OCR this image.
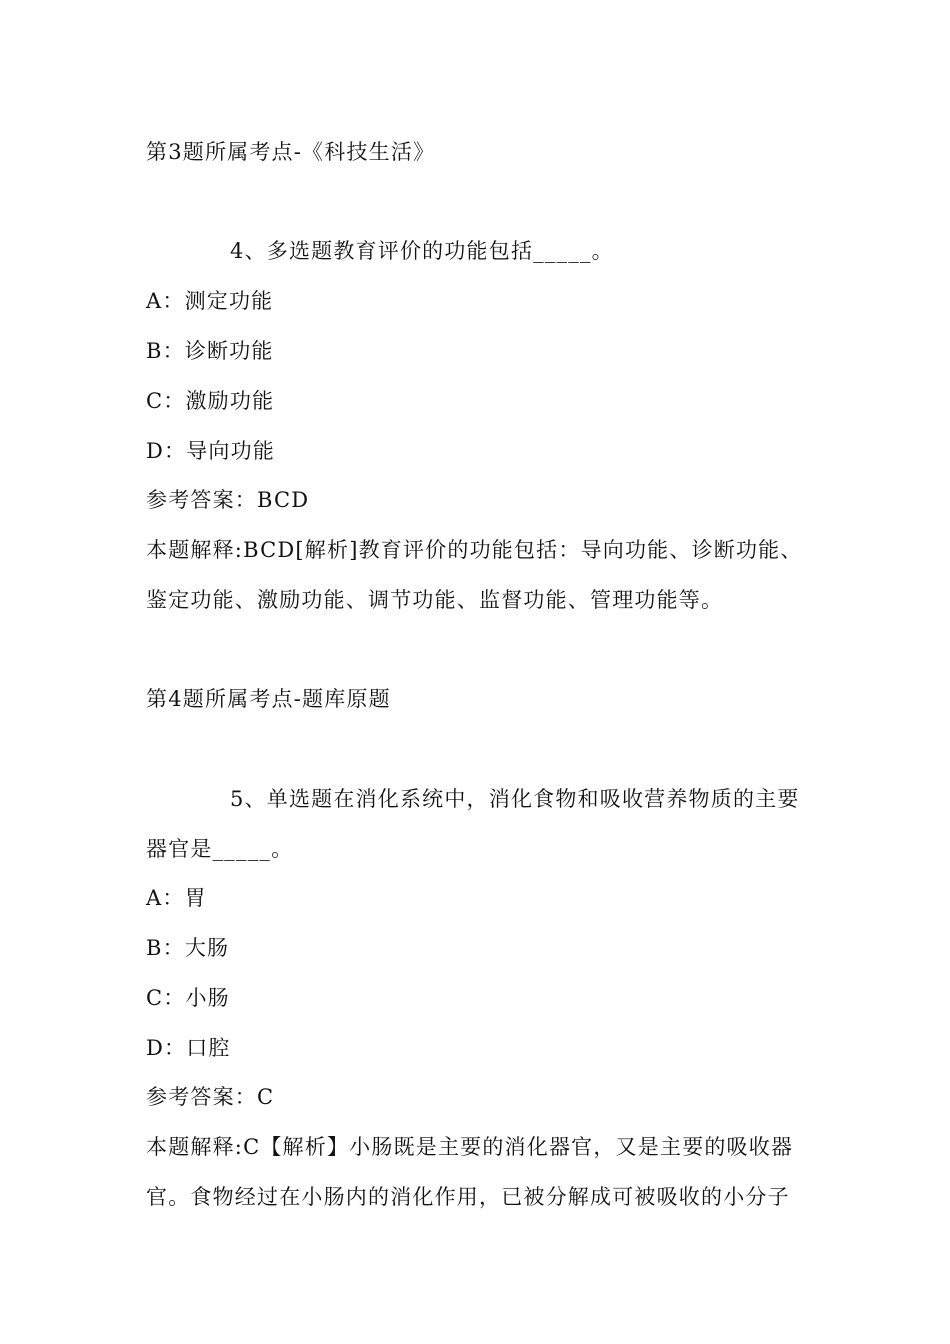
第3题所属考点-《科技生活》
4、多选题教育评价的功能包括_____。
A：测定功能
B：诊断功能
C：激励功能
D：导向功能
参考答案：BCD
本题解释:BCD[解析]教育评价的功能包括：导向功能、诊断功能、
鉴定功能、激励功能、调节功能、监督功能、管理功能等。
第4题所属考点-题库原题
5、单选题在消化系统中，消化食物和吸收营养物质的主要
器官是_____。
A：胃
B：大肠
C：小肠
D：口腔
参考答案：C
本题解释:C【解析】小肠既是主要的消化器官，又是主要的吸收器
官。食物经过在小肠内的消化作用，已被分解成可被吸收的小分子
